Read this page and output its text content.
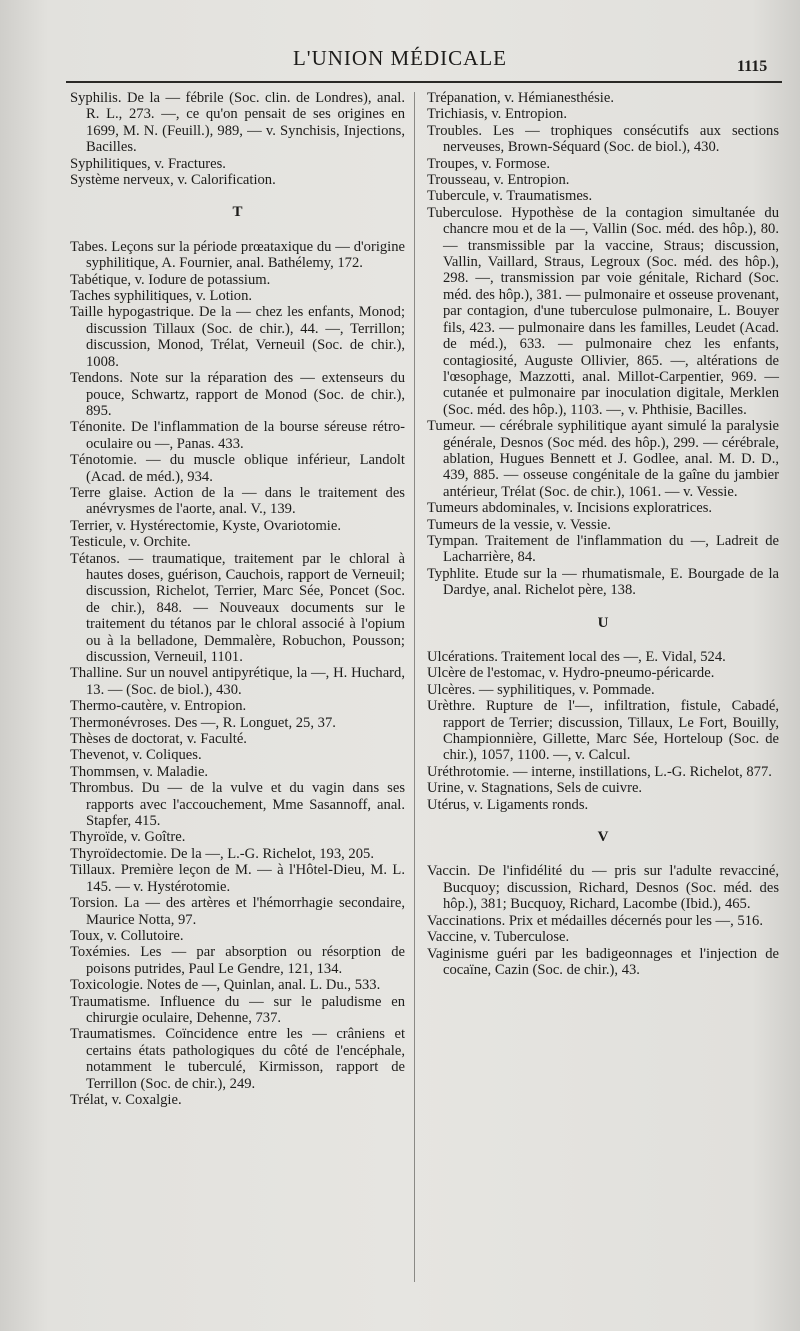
L'UNION MÉDICALE	1115

Syphilis. De la — fébrile (Soc. clin. de Londres), anal. R. L., 273. —, ce qu'on pensait de ses origines en 1699, M. N. (Feuill.), 989, — v. Synchisis, Injections, Bacilles.

Syphilitiques, v. Fractures.

Système nerveux, v. Calorification.

T

Tabes. Leçons sur la période prœataxique du — d'origine syphilitique, A. Fournier, anal. Bathélemy, 172.

Tabétique, v. Iodure de potassium.

Taches syphilitiques, v. Lotion.

Taille hypogastrique. De la — chez les enfants, Monod; discussion Tillaux (Soc. de chir.), 44. —, Terrillon; discussion, Monod, Trélat, Verneuil (Soc. de chir.), 1008.

Tendons. Note sur la réparation des — extenseurs du pouce, Schwartz, rapport de Monod (Soc. de chir.), 895.

Ténonite. De l'inflammation de la bourse séreuse rétro-oculaire ou —, Panas. 433.

Ténotomie. — du muscle oblique inférieur, Landolt (Acad. de méd.), 934.

Terre glaise. Action de la — dans le traitement des anévrysmes de l'aorte, anal. V., 139.

Terrier, v. Hystérectomie, Kyste, Ovariotomie.

Testicule, v. Orchite.

Tétanos. — traumatique, traitement par le chloral à hautes doses, guérison, Cauchois, rapport de Verneuil; discussion, Richelot, Terrier, Marc Sée, Poncet (Soc. de chir.), 848. — Nouveaux documents sur le traitement du tétanos par le chloral associé à l'opium ou à la belladone, Demmalère, Robuchon, Pousson; discussion, Verneuil, 1101.

Thalline. Sur un nouvel antipyrétique, la —, H. Huchard, 13. — (Soc. de biol.), 430.

Thermo-cautère, v. Entropion.

Thermonévroses. Des —, R. Longuet, 25, 37.

Thèses de doctorat, v. Faculté.

Thevenot, v. Coliques.

Thommsen, v. Maladie.

Thrombus. Du — de la vulve et du vagin dans ses rapports avec l'accouchement, Mme Sasannoff, anal. Stapfer, 415.

Thyroïde, v. Goître.

Thyroïdectomie. De la —, L.-G. Richelot, 193, 205.

Tillaux. Première leçon de M. — à l'Hôtel-Dieu, M. L. 145. — v. Hystérotomie.

Torsion. La — des artères et l'hémorrhagie secondaire, Maurice Notta, 97.

Toux, v. Collutoire.

Toxémies. Les — par absorption ou résorption de poisons putrides, Paul Le Gendre, 121, 134.

Toxicologie. Notes de —, Quinlan, anal. L. Du., 533.

Traumatisme. Influence du — sur le paludisme en chirurgie oculaire, Dehenne, 737.

Traumatismes. Coïncidence entre les — crâniens et certains états pathologiques du côté de l'encéphale, notamment le tuberculé, Kirmisson, rapport de Terrillon (Soc. de chir.), 249.

Trélat, v. Coxalgie.

Trépanation, v. Hémianesthésie.

Trichiasis, v. Entropion.

Troubles. Les — trophiques consécutifs aux sections nerveuses, Brown-Séquard (Soc. de biol.), 430.

Troupes, v. Formose.

Trousseau, v. Entropion.

Tubercule, v. Traumatismes.

Tuberculose. Hypothèse de la contagion simultanée du chancre mou et de la —, Vallin (Soc. méd. des hôp.), 80. — transmissible par la vaccine, Straus; discussion, Vallin, Vaillard, Straus, Legroux (Soc. méd. des hôp.), 298. —, transmission par voie génitale, Richard (Soc. méd. des hôp.), 381. — pulmonaire et osseuse provenant, par contagion, d'une tuberculose pulmonaire, L. Bouyer fils, 423. — pulmonaire dans les familles, Leudet (Acad. de méd.), 633. — pulmonaire chez les enfants, contagiosité, Auguste Ollivier, 865. —, altérations de l'œsophage, Mazzotti, anal. Millot-Carpentier, 969. — cutanée et pulmonaire par inoculation digitale, Merklen (Soc. méd. des hôp.), 1103. —, v. Phthisie, Bacilles.

Tumeur. — cérébrale syphilitique ayant simulé la paralysie générale, Desnos (Soc méd. des hôp.), 299. — cérébrale, ablation, Hugues Bennett et J. Godlee, anal. M. D. D., 439, 885. — osseuse congénitale de la gaîne du jambier antérieur, Trélat (Soc. de chir.), 1061. — v. Vessie.

Tumeurs abdominales, v. Incisions exploratrices.

Tumeurs de la vessie, v. Vessie.

Tympan. Traitement de l'inflammation du —, Ladreit de Lacharrière, 84.

Typhlite. Etude sur la — rhumatismale, E. Bourgade de la Dardye, anal. Richelot père, 138.

U

Ulcérations. Traitement local des —, E. Vidal, 524.

Ulcère de l'estomac, v. Hydro-pneumo-péricarde.

Ulcères. — syphilitiques, v. Pommade.

Urèthre. Rupture de l'—, infiltration, fistule, Cabadé, rapport de Terrier; discussion, Tillaux, Le Fort, Bouilly, Championnière, Gillette, Marc Sée, Horteloup (Soc. de chir.), 1057, 1100. —, v. Calcul.

Uréthrotomie. — interne, instillations, L.-G. Richelot, 877.

Urine, v. Stagnations, Sels de cuivre.

Utérus, v. Ligaments ronds.

V

Vaccin. De l'infidélité du — pris sur l'adulte revacciné, Bucquoy; discussion, Richard, Desnos (Soc. méd. des hôp.), 381; Bucquoy, Richard, Lacombe (Ibid.), 465.

Vaccinations. Prix et médailles décernés pour les —, 516.

Vaccine, v. Tuberculose.

Vaginisme guéri par les badigeonnages et l'injection de cocaïne, Cazin (Soc. de chir.), 43.
